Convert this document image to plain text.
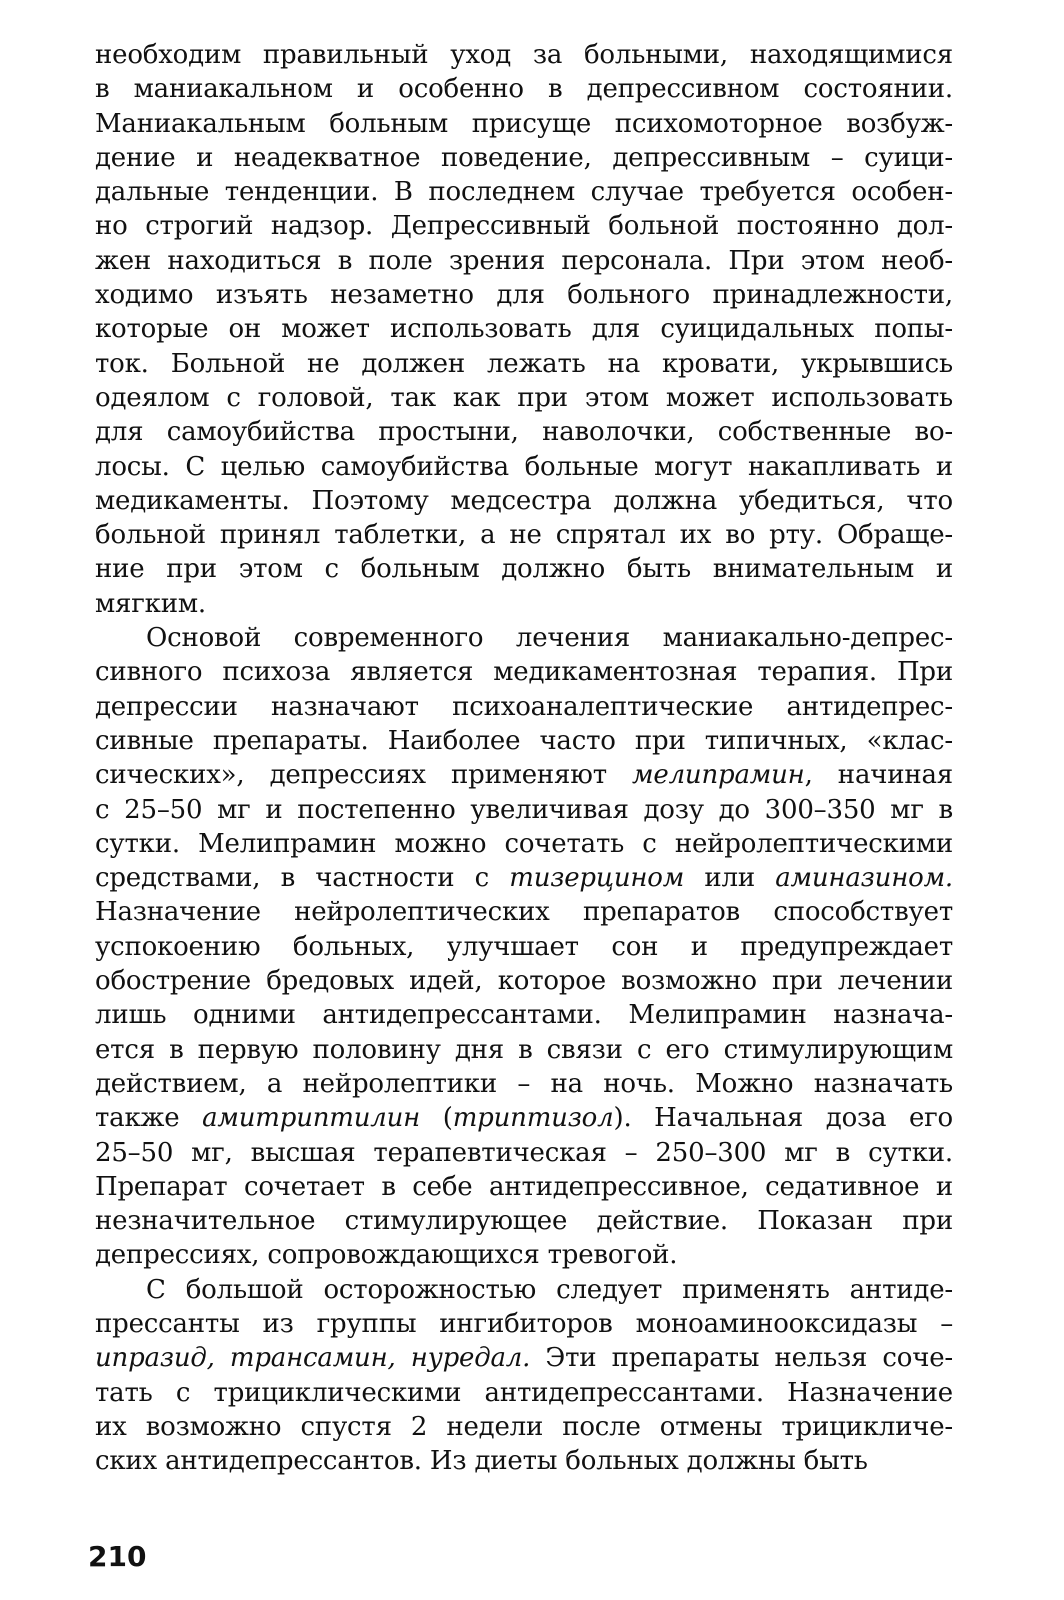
необходим правильный уход за больными, находящимися
в маниакальном и особенно в депрессивном состоянии.
Маниакальным больным присуще психомоторное возбуж-
дение и неадекватное поведение, депрессивным – суици-
дальные тенденции. В последнем случае требуется особен-
но строгий надзор. Депрессивный больной постоянно дол-
жен находиться в поле зрения персонала. При этом необ-
ходимо изъять незаметно для больного принадлежности,
которые он может использовать для суицидальных попы-
ток. Больной не должен лежать на кровати, укрывшись
одеялом с головой, так как при этом может использовать
для самоубийства простыни, наволочки, собственные во-
лосы. С целью самоубийства больные могут накапливать и
медикаменты. Поэтому медсестра должна убедиться, что
больной принял таблетки, а не спрятал их во рту. Обраще-
ние при этом с больным должно быть внимательным и
мягким.
Основой современного лечения маниакально-депрес-
сивного психоза является медикаментозная терапия. При
депрессии назначают психоаналептические антидепрес-
сивные препараты. Наиболее часто при типичных, «клас-
сических», депрессиях применяют мелипрамин, начиная
с 25–50 мг и постепенно увеличивая дозу до 300–350 мг в
сутки. Мелипрамин можно сочетать с нейролептическими
средствами, в частности с тизерцином или аминазином.
Назначение нейролептических препаратов способствует
успокоению больных, улучшает сон и предупреждает
обострение бредовых идей, которое возможно при лечении
лишь одними антидепрессантами. Мелипрамин назнача-
ется в первую половину дня в связи с его стимулирующим
действием, а нейролептики – на ночь. Можно назначать
также амитриптилин (триптизол). Начальная доза его
25–50 мг, высшая терапевтическая – 250–300 мг в сутки.
Препарат сочетает в себе антидепрессивное, седативное и
незначительное стимулирующее действие. Показан при
депрессиях, сопровождающихся тревогой.
С большой осторожностью следует применять антиде-
прессанты из группы ингибиторов моноаминооксидазы –
ипразид, трансамин, нуредал. Эти препараты нельзя соче-
тать с трициклическими антидепрессантами. Назначение
их возможно спустя 2 недели после отмены трицикличе-
ских антидепрессантов. Из диеты больных должны быть
210
